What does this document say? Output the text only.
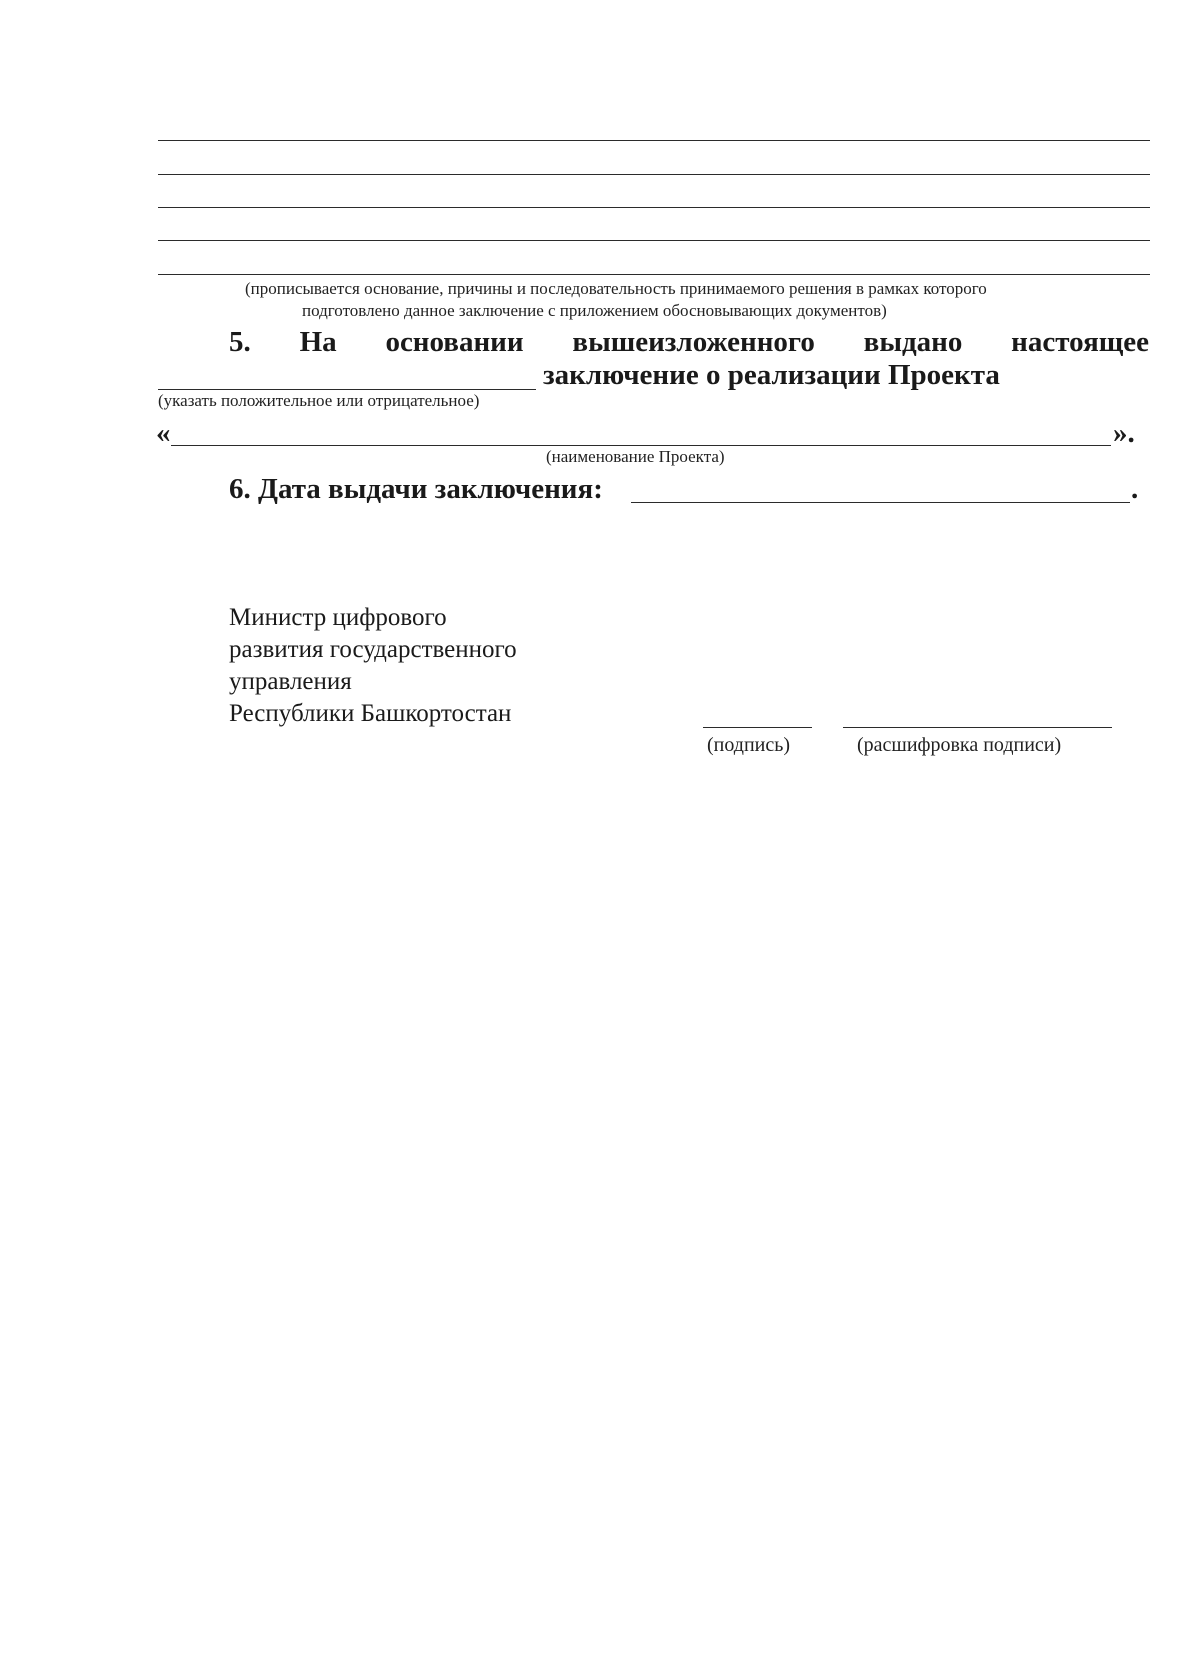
(прописывается основание, причины и последовательность принимаемого решения в рамках которого
подготовлено данное заключение с приложением обосновывающих документов)
5. На основании вышеизложенного выдано настоящее
заключение о реализации Проекта
(указать положительное или отрицательное)
«	».
(наименование Проекта)
6. Дата выдачи заключения:	.
Министр цифрового
развития государственного
управления
Республики Башкортостан
(подпись)	(расшифровка подписи)
